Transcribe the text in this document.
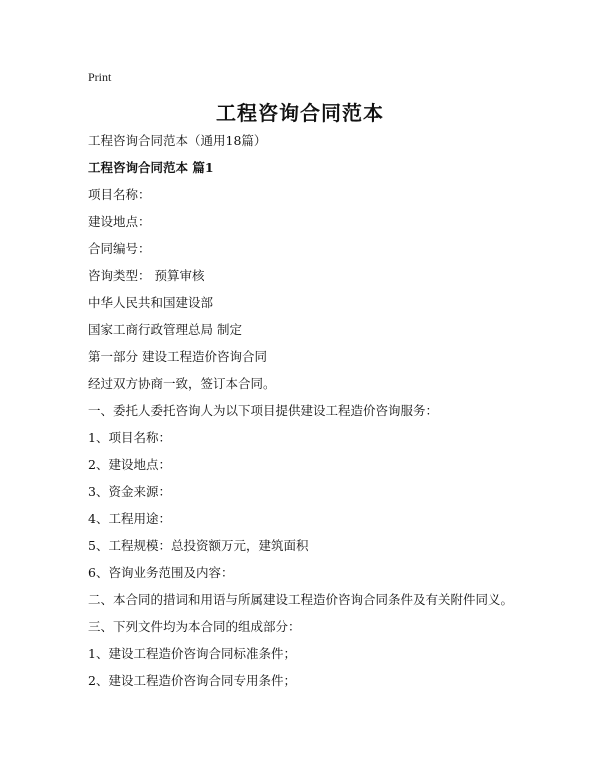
Print
工程咨询合同范本
工程咨询合同范本（通用18篇）
工程咨询合同范本 篇1
项目名称：
建设地点：
合同编号：
咨询类型： 预算审核
中华人民共和国建设部
国家工商行政管理总局 制定
第一部分 建设工程造价咨询合同
经过双方协商一致，签订本合同。
一、委托人委托咨询人为以下项目提供建设工程造价咨询服务：
1、项目名称：
2、建设地点：
3、资金来源：
4、工程用途：
5、工程规模：总投资额万元，建筑面积
6、咨询业务范围及内容：
二、本合同的措词和用语与所属建设工程造价咨询合同条件及有关附件同义。
三、下列文件均为本合同的组成部分：
1、建设工程造价咨询合同标准条件；
2、建设工程造价咨询合同专用条件；
